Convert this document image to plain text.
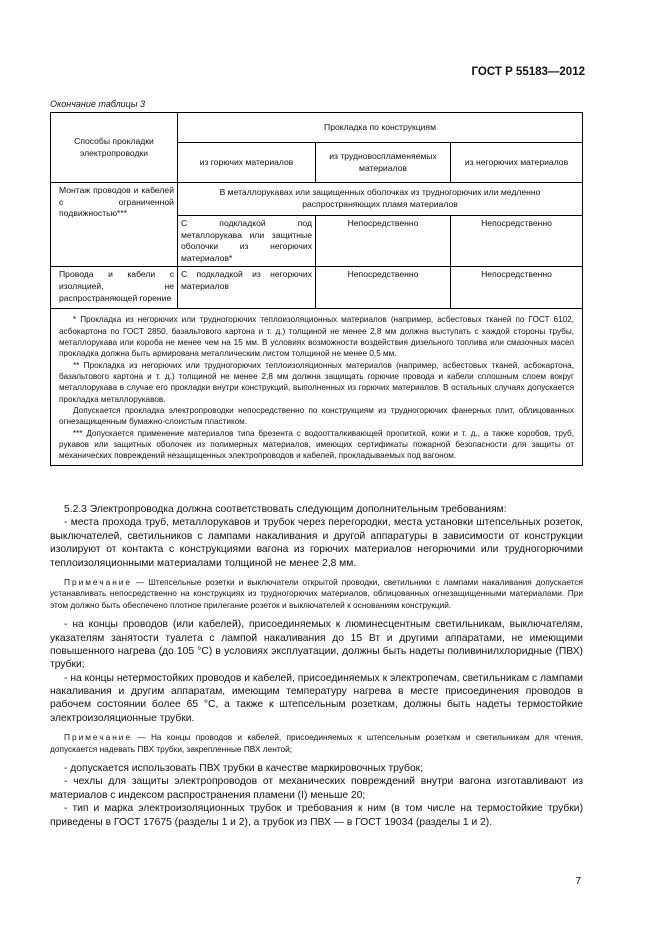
ГОСТ Р 55183—2012
Окончание таблицы 3
Способы прокладки электропроводки	Прокладка по конструкциям		
	из горючих материалов	из трудновоспламеняемых материалов	из негорючих материалов
Монтаж проводов и кабелей с ограниченной подвижностью***	В металлорукавах или защищенных оболочках из трудногорючих или медленно распространяющих пламя материалов		
	С подкладкой под металлорукава или защитные оболочки из негорючих материалов*	Непосредственно	Непосредственно
Провода и кабели с изоляцией, не распространяющей горение	С подкладкой из негорючих материалов	Непосредственно	Непосредственно

* Прокладка из негорючих или трудногорючих теплоизоляционных материалов (например, асбестовых тканей по ГОСТ 6102, асбокартона по ГОСТ 2850, базальтового картона и т. д.) толщиной не менее 2,8 мм должна выступать с каждой стороны трубы, металлорукава или короба не менее чем на 15 мм. В условиях возможности воздействия дизельного топлива или смазочных масел прокладка должна быть армирована металлическим листом толщиной не менее 0,5 мм.

** Прокладка из негорючих или трудногорючих теплоизоляционных материалов (например, асбестовых тканей, асбокартона, базальтового картона и т. д.) толщиной не менее 2,8 мм должна защищать горючие провода и кабели сплошным слоем вокруг металлорукава в случае его прокладки внутри конструкций, выполненных из горючих материалов. В остальных случаях допускается прокладка металлорукавов.

Допускается прокладка электропроводки непосредственно по конструкциям из трудногорючих фанерных плит, облицованных огнезащищенным бумажно-слоистым пластиком.

*** Допускается применение материалов типа брезента с водоотталкивающей пропиткой, кожи и т. д., а также коробов, труб, рукавов или защитных оболочек из полимерных материалов, имеющих сертификаты пожарной безопасности для защиты от механических повреждений незащищенных электропроводов и кабелей, прокладываемых под вагоном.			

5.2.3 Электропроводка должна соответствовать следующим дополнительным требованиям:

- места прохода труб, металлорукавов и трубок через перегородки, места установки штепсельных розеток, выключателей, светильников с лампами накаливания и другой аппаратуры в зависимости от конструкции изолируют от контакта с конструкциями вагона из горючих материалов негорючими или трудногорючими теплоизоляционными материалами толщиной не менее 2,8 мм.

Примечание — Штепсельные розетки и выключатели открытой проводки, светильники с лампами накаливания допускается устанавливать непосредственно на конструкциях из трудногорючих материалов, облицованных огнезащищенными материалами. При этом должно быть обеспечено плотное прилегание розеток и выключателей к основаниям конструкций.

- на концы проводов (или кабелей), присоединяемых к люминесцентным светильникам, выключателям, указателям занятости туалета с лампой накаливания до 15 Вт и другими аппаратами, не имеющими повышенного нагрева (до 105 °С) в условиях эксплуатации, должны быть надеты поливинилхлоридные (ПВХ) трубки;

- на концы нетермостойких проводов и кабелей, присоединяемых к электропечам, светильникам с лампами накаливания и другим аппаратам, имеющим температуру нагрева в месте присоединения проводов в рабочем состоянии более 65 °С, а также к штепсельным розеткам, должны быть надеты термостойкие электроизоляционные трубки.

Примечание — На концы проводов и кабелей, присоединяемых к штепсельным розеткам и светильникам для чтения, допускается надевать ПВХ трубки, закрепленные ПВХ лентой;

- допускается использовать ПВХ трубки в качестве маркировочных трубок;

- чехлы для защиты электропроводов от механических повреждений внутри вагона изготавливают из материалов с индексом распространения пламени (I) меньше 20;

- тип и марка электроизоляционных трубок и требования к ним (в том числе на термостойкие трубки) приведены в ГОСТ 17675 (разделы 1 и 2), а трубок из ПВХ — в ГОСТ 19034 (разделы 1 и 2).

7
